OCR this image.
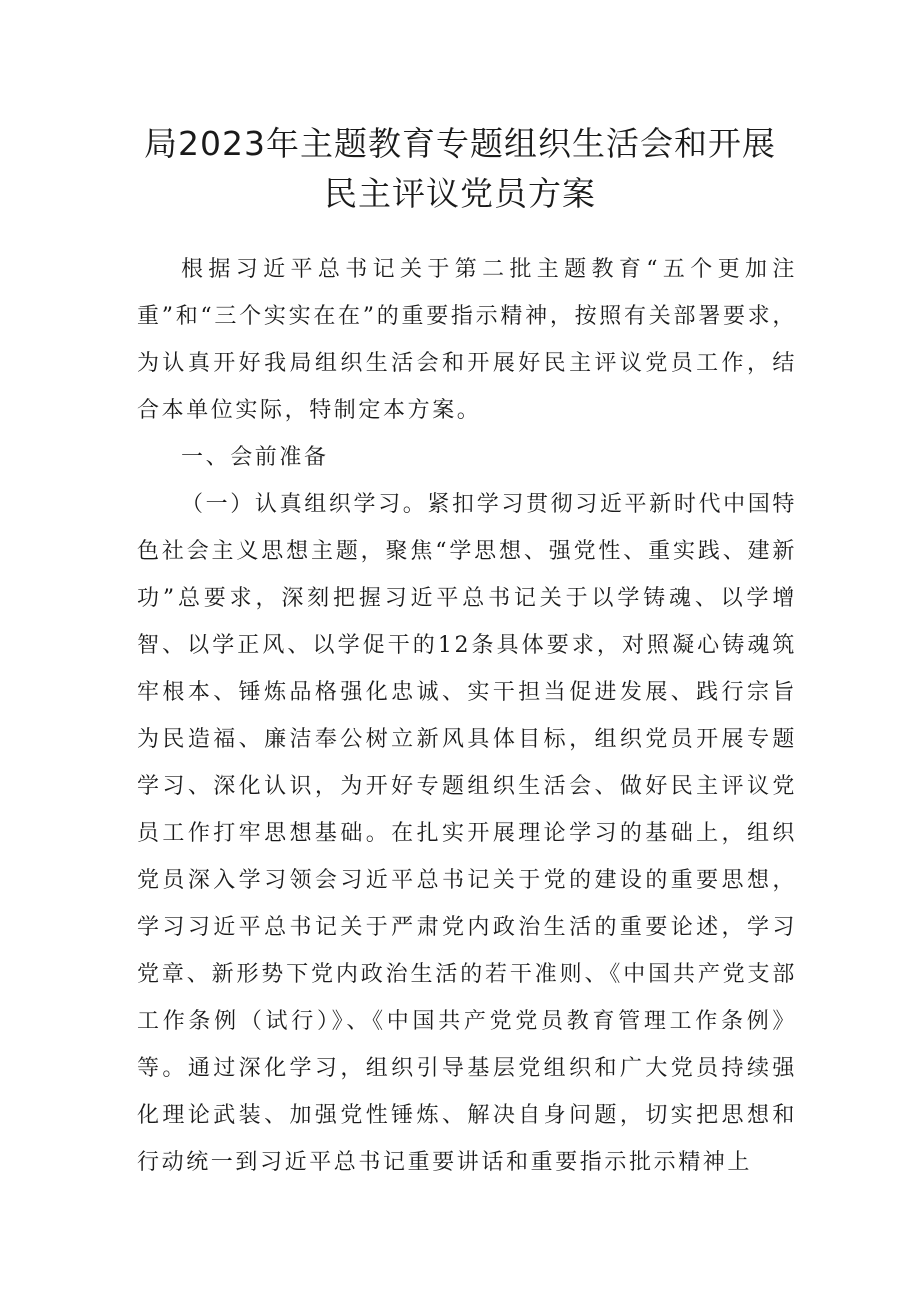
局2023年主题教育专题组织生活会和开展
民主评议党员方案

根据习近平总书记关于第二批主题教育“五个更加注重”和“三个实实在在”的重要指示精神，按照有关部署要求，为认真开好我局组织生活会和开展好民主评议党员工作，结合本单位实际，特制定本方案。

一、会前准备

（一）认真组织学习。紧扣学习贯彻习近平新时代中国特色社会主义思想主题，聚焦“学思想、强党性、重实践、建新功”总要求，深刻把握习近平总书记关于以学铸魂、以学增智、以学正风、以学促干的12条具体要求，对照凝心铸魂筑牢根本、锤炼品格强化忠诚、实干担当促进发展、践行宗旨为民造福、廉洁奉公树立新风具体目标，组织党员开展专题学习、深化认识，为开好专题组织生活会、做好民主评议党员工作打牢思想基础。在扎实开展理论学习的基础上，组织党员深入学习领会习近平总书记关于党的建设的重要思想，学习习近平总书记关于严肃党内政治生活的重要论述，学习党章、新形势下党内政治生活的若干准则、《中国共产党支部工作条例（试行）》、《中国共产党党员教育管理工作条例》等。通过深化学习，组织引导基层党组织和广大党员持续强化理论武装、加强党性锤炼、解决自身问题，切实把思想和行动统一到习近平总书记重要讲话和重要指示批示精神上
